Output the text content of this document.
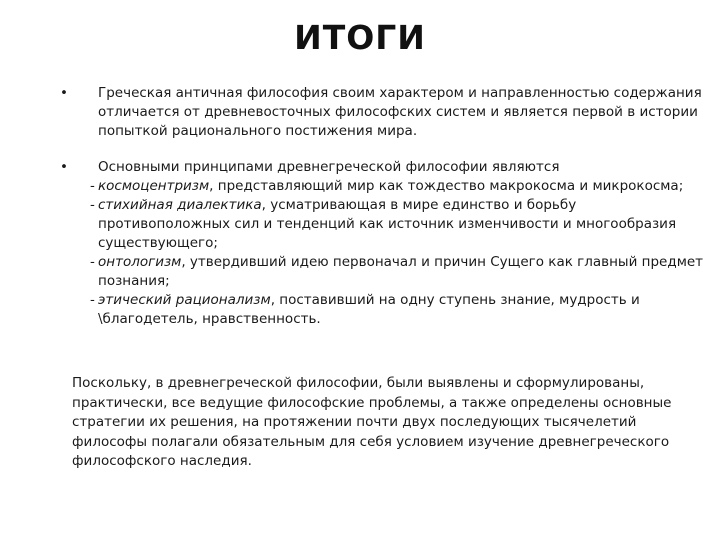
ИТОГИ
•	Греческая античная философия своим характером и направленностью содержания отличается от древневосточных философских систем и является первой в истории попыткой рационального постижения мира.
•	Основными принципами древнегреческой философии являются
- космоцентризм, представляющий мир как тождество макрокосма и микрокосма;
- стихийная диалектика, усматривающая в мире единство и борьбу противоположных сил и тенденций как источник изменчивости и многообразия существующего;
- онтологизм, утвердивший идею первоначал и причин Сущего как главный предмет познания;
- этический рационализм, поставивший на одну ступень знание, мудрость и \благодетель, нравственность.
Поскольку, в древнегреческой философии, были выявлены и сформулированы, практически, все ведущие философские проблемы, а также определены основные стратегии их решения, на протяжении почти двух последующих тысячелетий философы полагали обязательным для себя условием изучение древнегреческого философского наследия.
